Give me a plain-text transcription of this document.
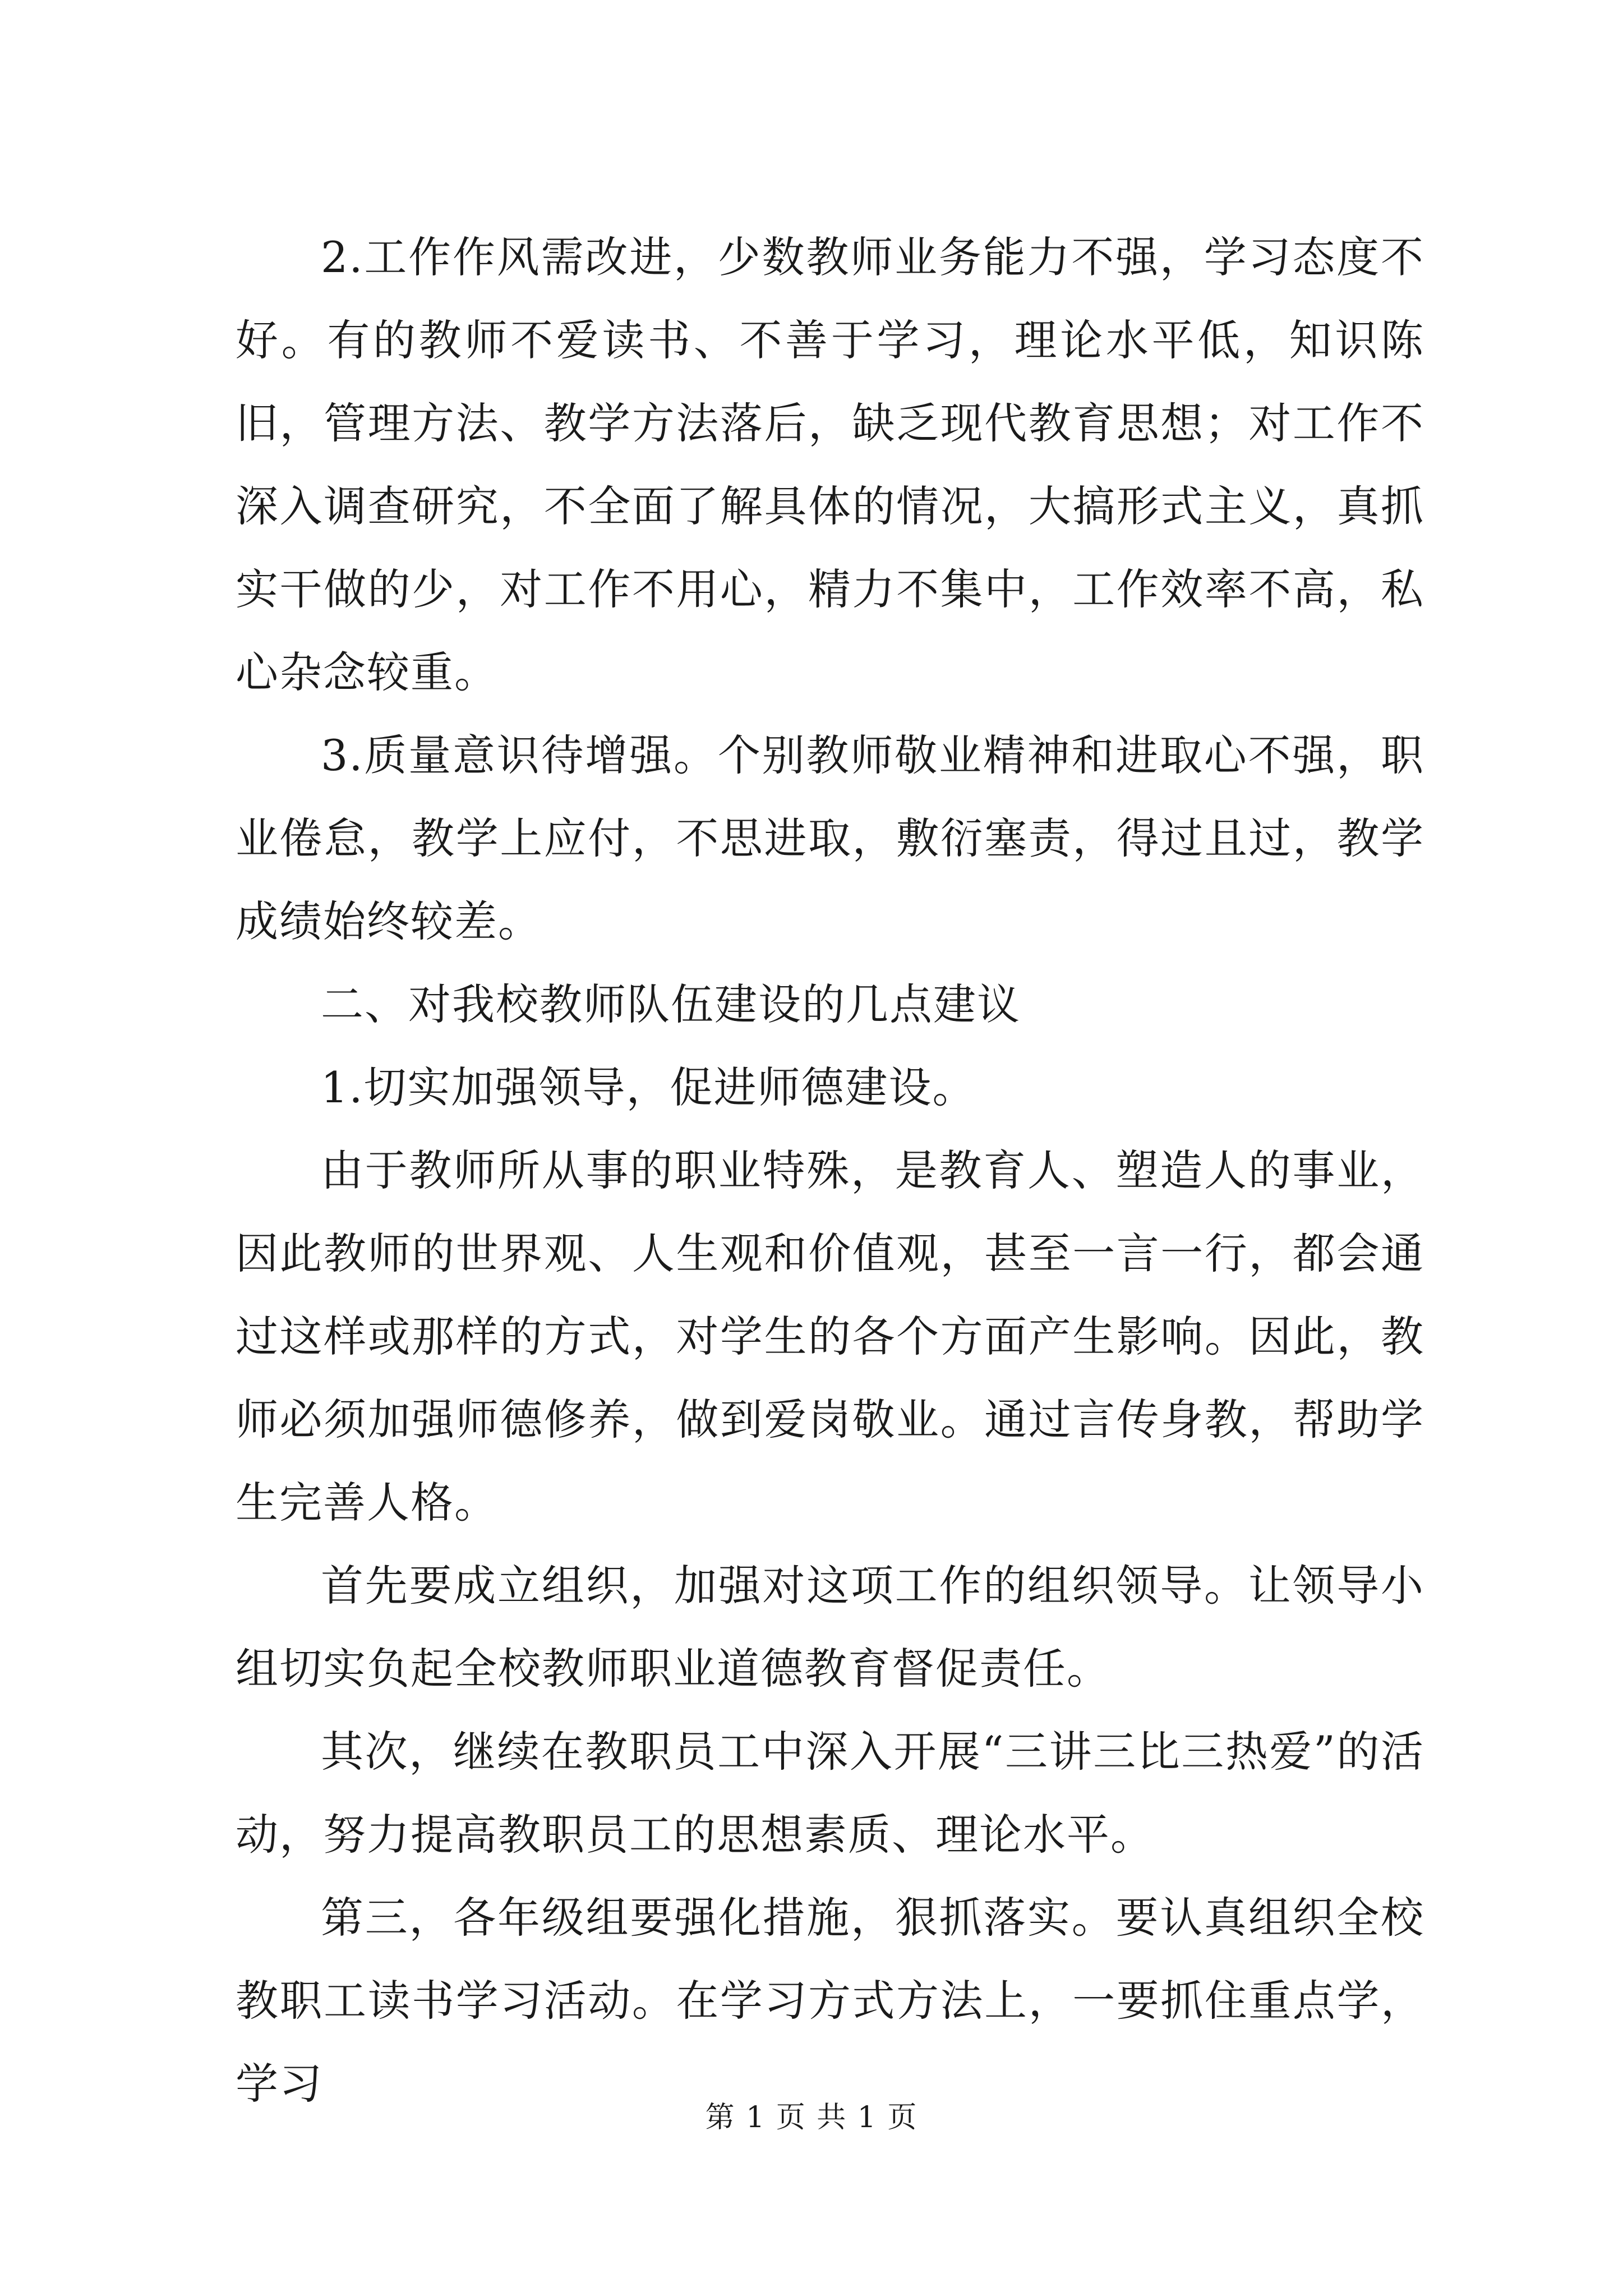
2.工作作风需改进，少数教师业务能力不强，学习态度不好。有的教师不爱读书、不善于学习，理论水平低，知识陈旧，管理方法、教学方法落后，缺乏现代教育思想；对工作不深入调查研究，不全面了解具体的情况，大搞形式主义，真抓实干做的少，对工作不用心，精力不集中，工作效率不高，私心杂念较重。

3.质量意识待增强。个别教师敬业精神和进取心不强，职业倦怠，教学上应付，不思进取，敷衍塞责，得过且过，教学成绩始终较差。

二、对我校教师队伍建设的几点建议

1.切实加强领导，促进师德建设。

由于教师所从事的职业特殊，是教育人、塑造人的事业，因此教师的世界观、人生观和价值观，甚至一言一行，都会通过这样或那样的方式，对学生的各个方面产生影响。因此，教师必须加强师德修养，做到爱岗敬业。通过言传身教，帮助学生完善人格。

首先要成立组织，加强对这项工作的组织领导。让领导小组切实负起全校教师职业道德教育督促责任。

其次，继续在教职员工中深入开展“三讲三比三热爱”的活动，努力提高教职员工的思想素质、理论水平。

第三，各年级组要强化措施，狠抓落实。要认真组织全校教职工读书学习活动。在学习方式方法上，一要抓住重点学，学习

第 1 页 共 1 页
